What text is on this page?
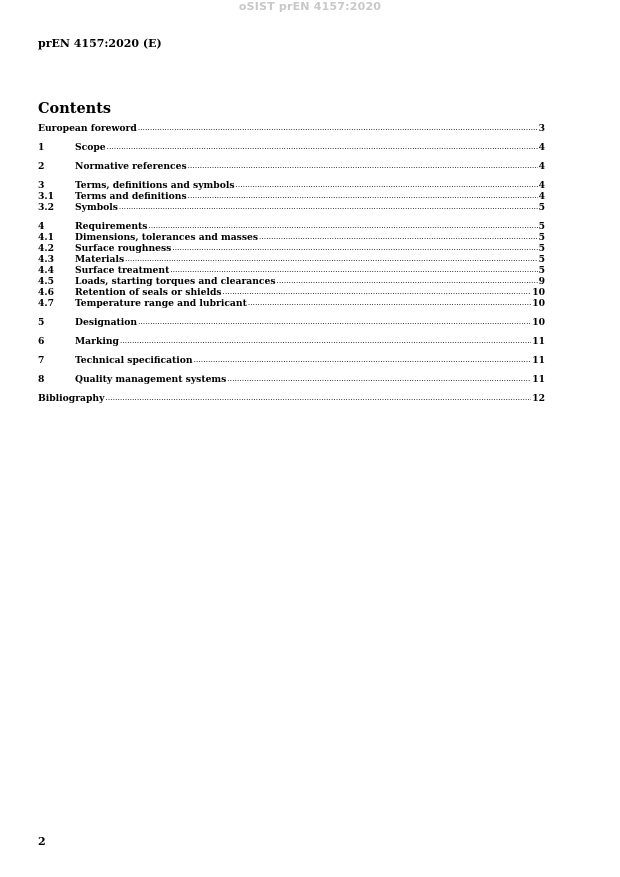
oSIST prEN 4157:2020
prEN 4157:2020 (E)
Contents
European foreword .....	3
1	Scope .....	4
2	Normative references .....	4
3	Terms, definitions and symbols .....	4
3.1	Terms and definitions .....	4
3.2	Symbols .....	5
4	Requirements .....	5
4.1	Dimensions, tolerances and masses .....	5
4.2	Surface roughness .....	5
4.3	Materials .....	5
4.4	Surface treatment .....	5
4.5	Loads, starting torques and clearances .....	9
4.6	Retention of seals or shields .....	10
4.7	Temperature range and lubricant .....	10
5	Designation .....	10
6	Marking .....	11
7	Technical specification .....	11
8	Quality management systems .....	11
Bibliography .....	12
2
